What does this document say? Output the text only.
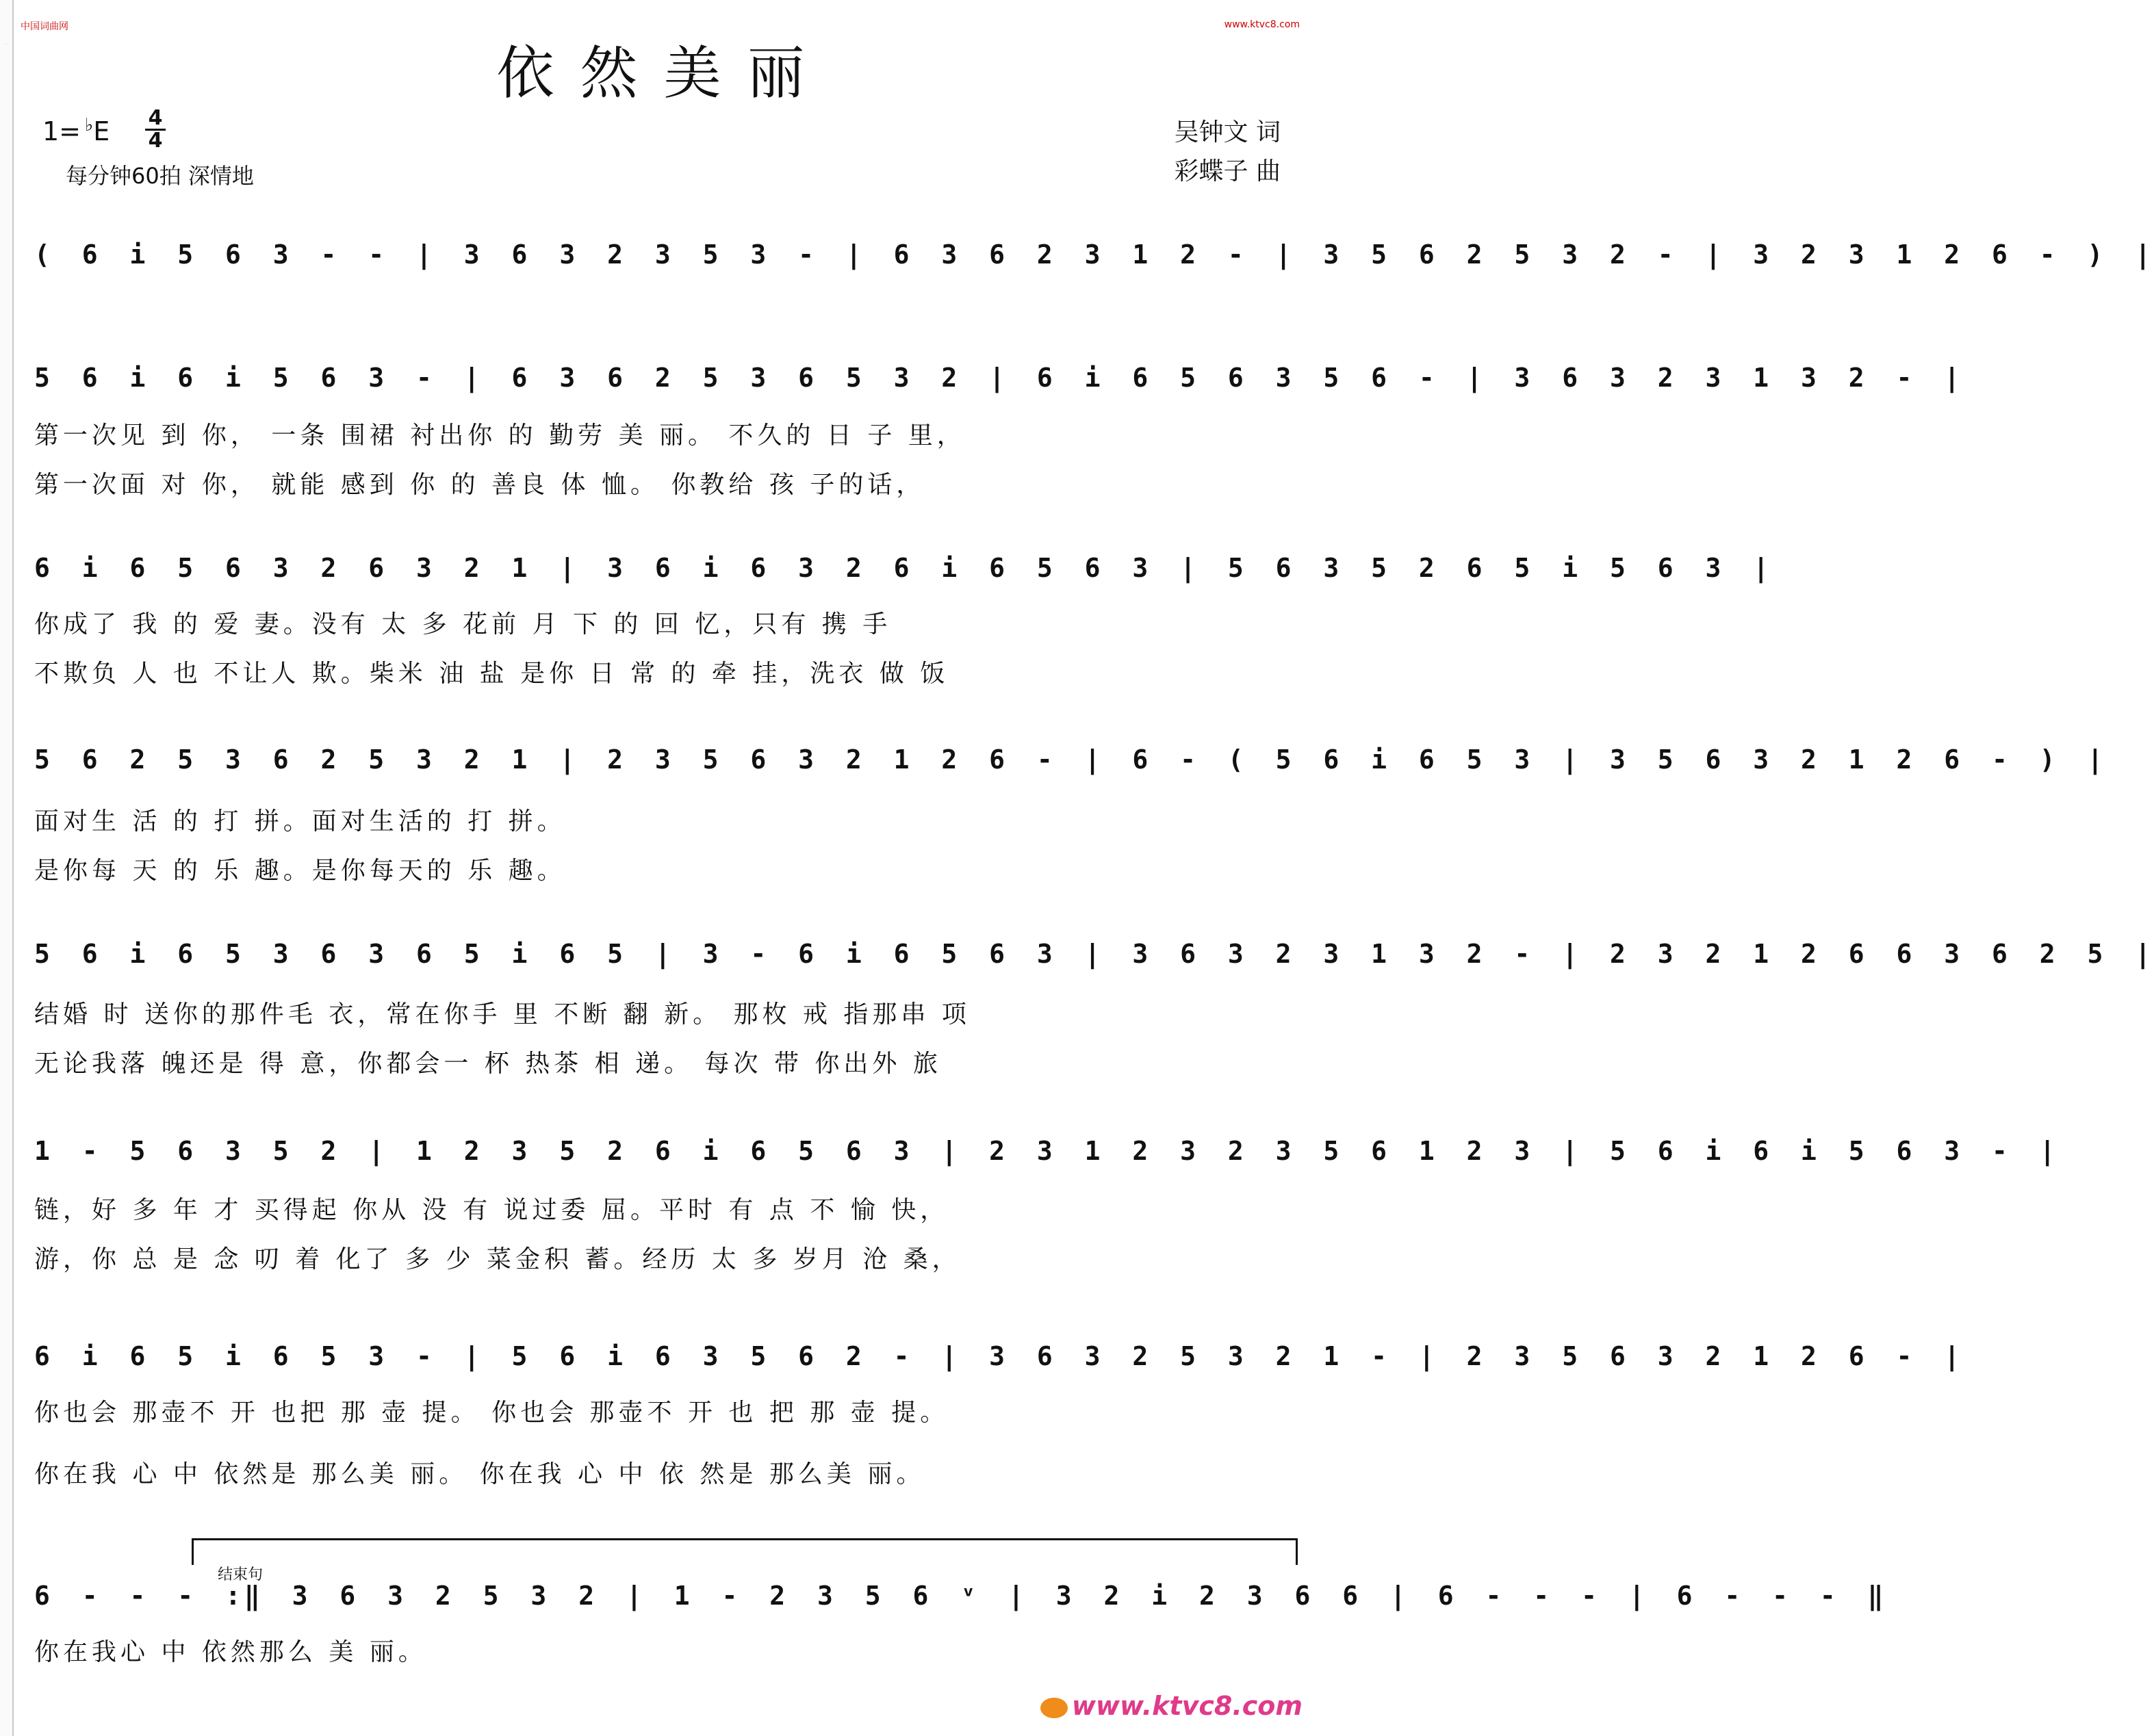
·
中国词曲网	www.ktvc8.com
依然美丽
1= ♭E 4
4
每分钟60拍 深情地
吴钟文 词
彩蝶子 曲
( 6 i 5 6 3 - - | 3 6 3 2 3 5 3 - | 6 3 6 2 3 1 2 - | 3 5 6 2 5 3 2 - | 3 2 3 1 2 6 - ) |
5 6 i 6 i 5 6 3 - | 6 3 6 2 5 3 6 5 3 2 | 6 i 6 5 6 3 5 6 - | 3 6 3 2 3 1 3 2 - |
第一次见 到 你， 一条 围裙 衬出你 的 勤劳 美 丽。 不久的 日 子 里，
第一次面 对 你， 就能 感到 你 的 善良 体 恤。 你教给 孩 子的话，
6 i 6 5 6 3 2 6 3 2 1 | 3 6 i 6 3 2 6 i 6 5 6 3 | 5 6 3 5 2 6 5 i 5 6 3 |
你成了 我 的 爱 妻。没有 太 多 花前 月 下 的 回 忆，只有 携 手
不欺负 人 也 不让人 欺。柴米 油 盐 是你 日 常 的 牵 挂，洗衣 做 饭
5 6 2 5 3 6 2 5 3 2 1 | 2 3 5 6 3 2 1 2 6 - | 6 - ( 5 6 i 6 5 3 | 3 5 6 3 2 1 2 6 - ) |
面对生 活 的 打 拼。面对生活的 打 拼。
是你每 天 的 乐 趣。是你每天的 乐 趣。
5 6 i 6 5 3 6 3 6 5 i 6 5 | 3 - 6 i 6 5 6 3 | 3 6 3 2 3 1 3 2 - | 2 3 2 1 2 6 6 3 6 2 5 |
结婚 时 送你的那件毛 衣，常在你手 里 不断 翻 新。 那枚 戒 指那串 项
无论我落 魄还是 得 意，你都会一 杯 热茶 相 递。 每次 带 你出外 旅
1 - 5 6 3 5 2 | 1 2 3 5 2 6 i 6 5 6 3 | 2 3 1 2 3 2 3 5 6 1 2 3 | 5 6 i 6 i 5 6 3 - |
链，好 多 年 才 买得起 你从 没 有 说过委 屈。平时 有 点 不 愉 快，
游，你 总 是 念 叨 着 化了 多 少 菜金积 蓄。经历 太 多 岁月 沧 桑，
6 i 6 5 i 6 5 3 - | 5 6 i 6 3 5 6 2 - | 3 6 3 2 5 3 2 1 - | 2 3 5 6 3 2 1 2 6 - |
你也会 那壶不 开 也把 那 壶 提。 你也会 那壶不 开 也 把 那 壶 提。
你在我 心 中 依然是 那么美 丽。 你在我 心 中 依 然是 那么美 丽。
结束句
6 - - - :‖ 3 6 3 2 5 3 2 | 1 - 2 3 5 6 ᵛ | 3 2 i 2 3 6 6 | 6 - - - | 6 - - - ‖
你在我心 中 依然那么 美 丽。
www.ktvc8.com
